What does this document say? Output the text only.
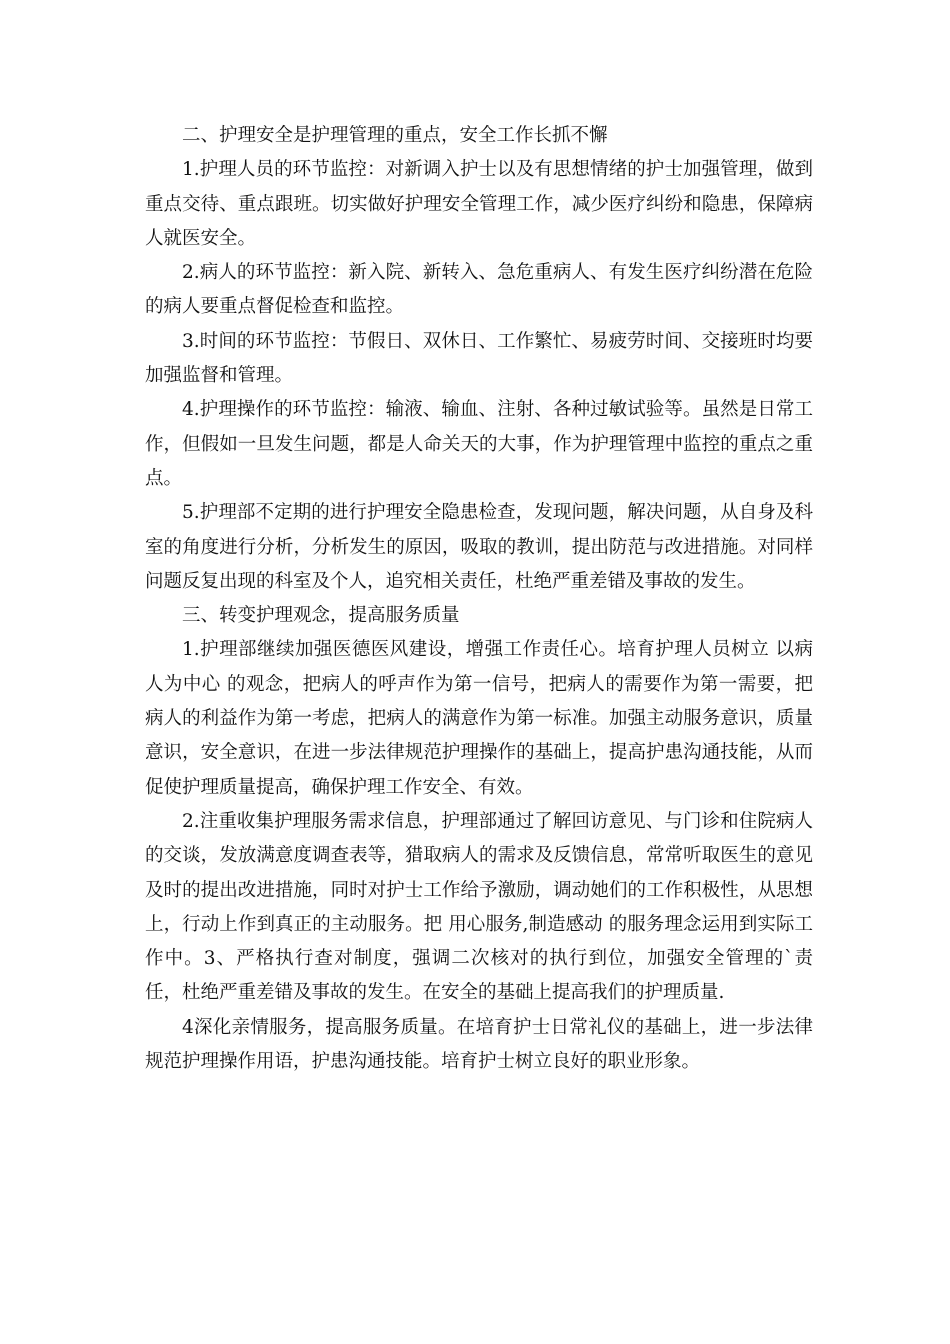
二、护理安全是护理管理的重点，安全工作长抓不懈

1.护理人员的环节监控：对新调入护士以及有思想情绪的护士加强管理，做到重点交待、重点跟班。切实做好护理安全管理工作，减少医疗纠纷和隐患，保障病人就医安全。

2.病人的环节监控：新入院、新转入、急危重病人、有发生医疗纠纷潜在危险的病人要重点督促检查和监控。

3.时间的环节监控：节假日、双休日、工作繁忙、易疲劳时间、交接班时均要加强监督和管理。

4.护理操作的环节监控：输液、输血、注射、各种过敏试验等。虽然是日常工作，但假如一旦发生问题，都是人命关天的大事，作为护理管理中监控的重点之重点。

5.护理部不定期的进行护理安全隐患检查，发现问题，解决问题，从自身及科室的角度进行分析，分析发生的原因，吸取的教训，提出防范与改进措施。对同样问题反复出现的科室及个人，追究相关责任，杜绝严重差错及事故的发生。

三、转变护理观念，提高服务质量

1.护理部继续加强医德医风建设，增强工作责任心。培育护理人员树立 以病人为中心 的观念，把病人的呼声作为第一信号，把病人的需要作为第一需要，把病人的利益作为第一考虑，把病人的满意作为第一标准。加强主动服务意识，质量意识，安全意识，在进一步法律规范护理操作的基础上，提高护患沟通技能，从而促使护理质量提高，确保护理工作安全、有效。

2.注重收集护理服务需求信息，护理部通过了解回访意见、与门诊和住院病人的交谈，发放满意度调查表等，猎取病人的需求及反馈信息，常常听取医生的意见及时的提出改进措施，同时对护士工作给予激励，调动她们的工作积极性，从思想上，行动上作到真正的主动服务。把 用心服务,制造感动 的服务理念运用到实际工作中。3、严格执行查对制度，强调二次核对的执行到位，加强安全管理的`责任，杜绝严重差错及事故的发生。在安全的基础上提高我们的护理质量.

4深化亲情服务，提高服务质量。在培育护士日常礼仪的基础上，进一步法律规范护理操作用语，护患沟通技能。培育护士树立良好的职业形象。
